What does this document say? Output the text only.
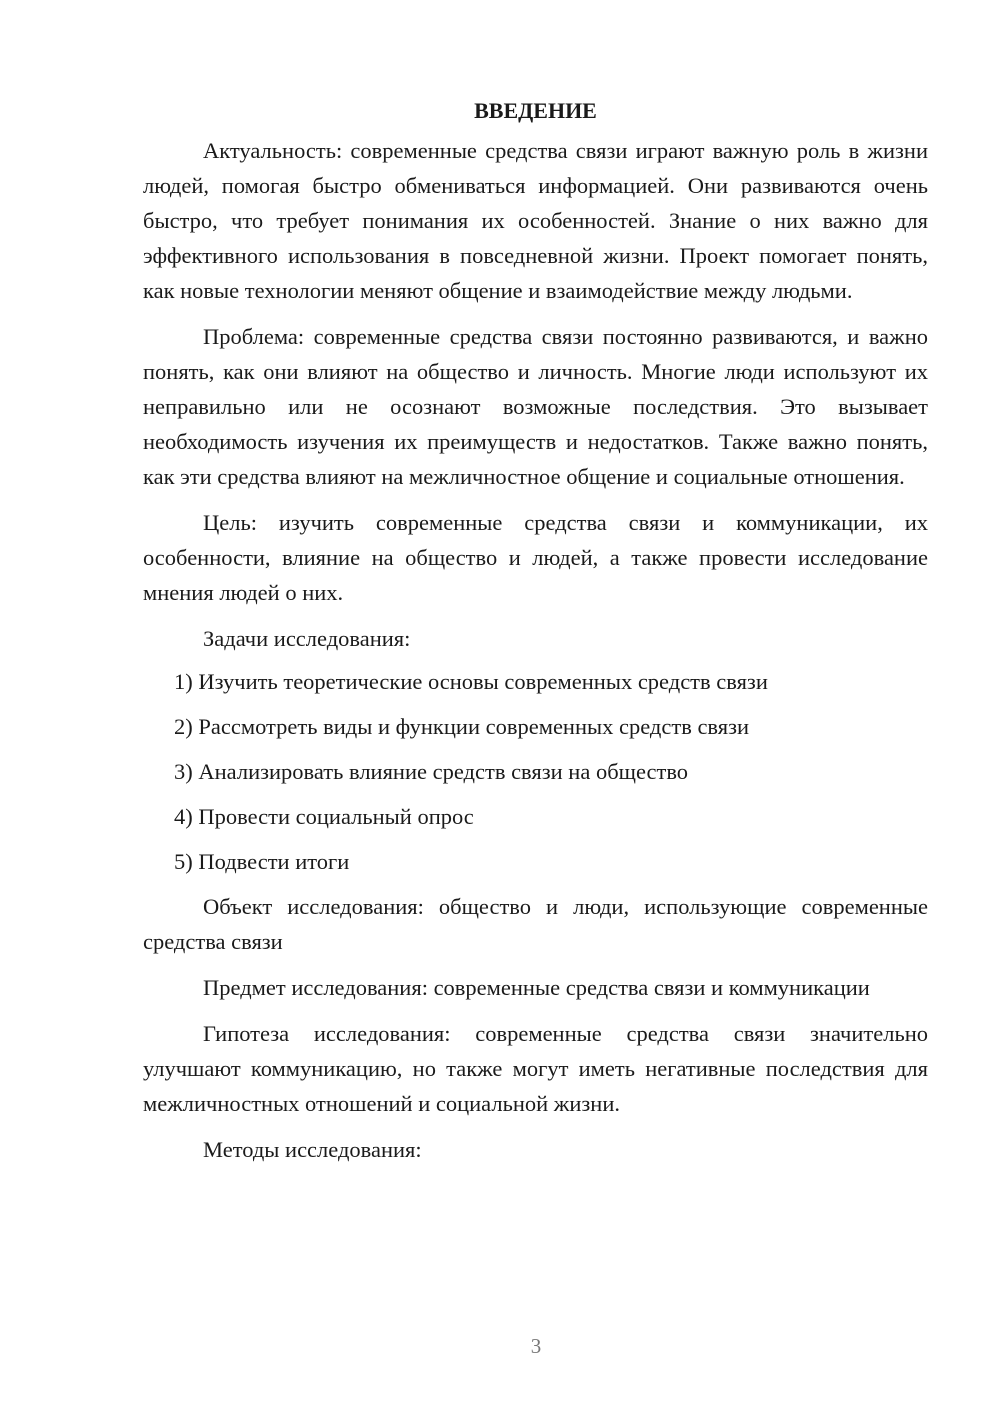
ВВЕДЕНИЕ

Актуальность: современные средства связи играют важную роль в жизни людей, помогая быстро обмениваться информацией. Они развиваются очень быстро, что требует понимания их особенностей. Знание о них важно для эффективного использования в повседневной жизни. Проект помогает понять, как новые технологии меняют общение и взаимодействие между людьми.

Проблема: современные средства связи постоянно развиваются, и важно понять, как они влияют на общество и личность. Многие люди используют их неправильно или не осознают возможные последствия. Это вызывает необходимость изучения их преимуществ и недостатков. Также важно понять, как эти средства влияют на межличностное общение и социальные отношения.

Цель: изучить современные средства связи и коммуникации, их особенности, влияние на общество и людей, а также провести исследование мнения людей о них.

Задачи исследования:

1) Изучить теоретические основы современных средств связи
2) Рассмотреть виды и функции современных средств связи
3) Анализировать влияние средств связи на общество
4) Провести социальный опрос
5) Подвести итоги

Объект исследования: общество и люди, использующие современные средства связи

Предмет исследования: современные средства связи и коммуникации

Гипотеза исследования: современные средства связи значительно улучшают коммуникацию, но также могут иметь негативные последствия для межличностных отношений и социальной жизни.

Методы исследования:

3
